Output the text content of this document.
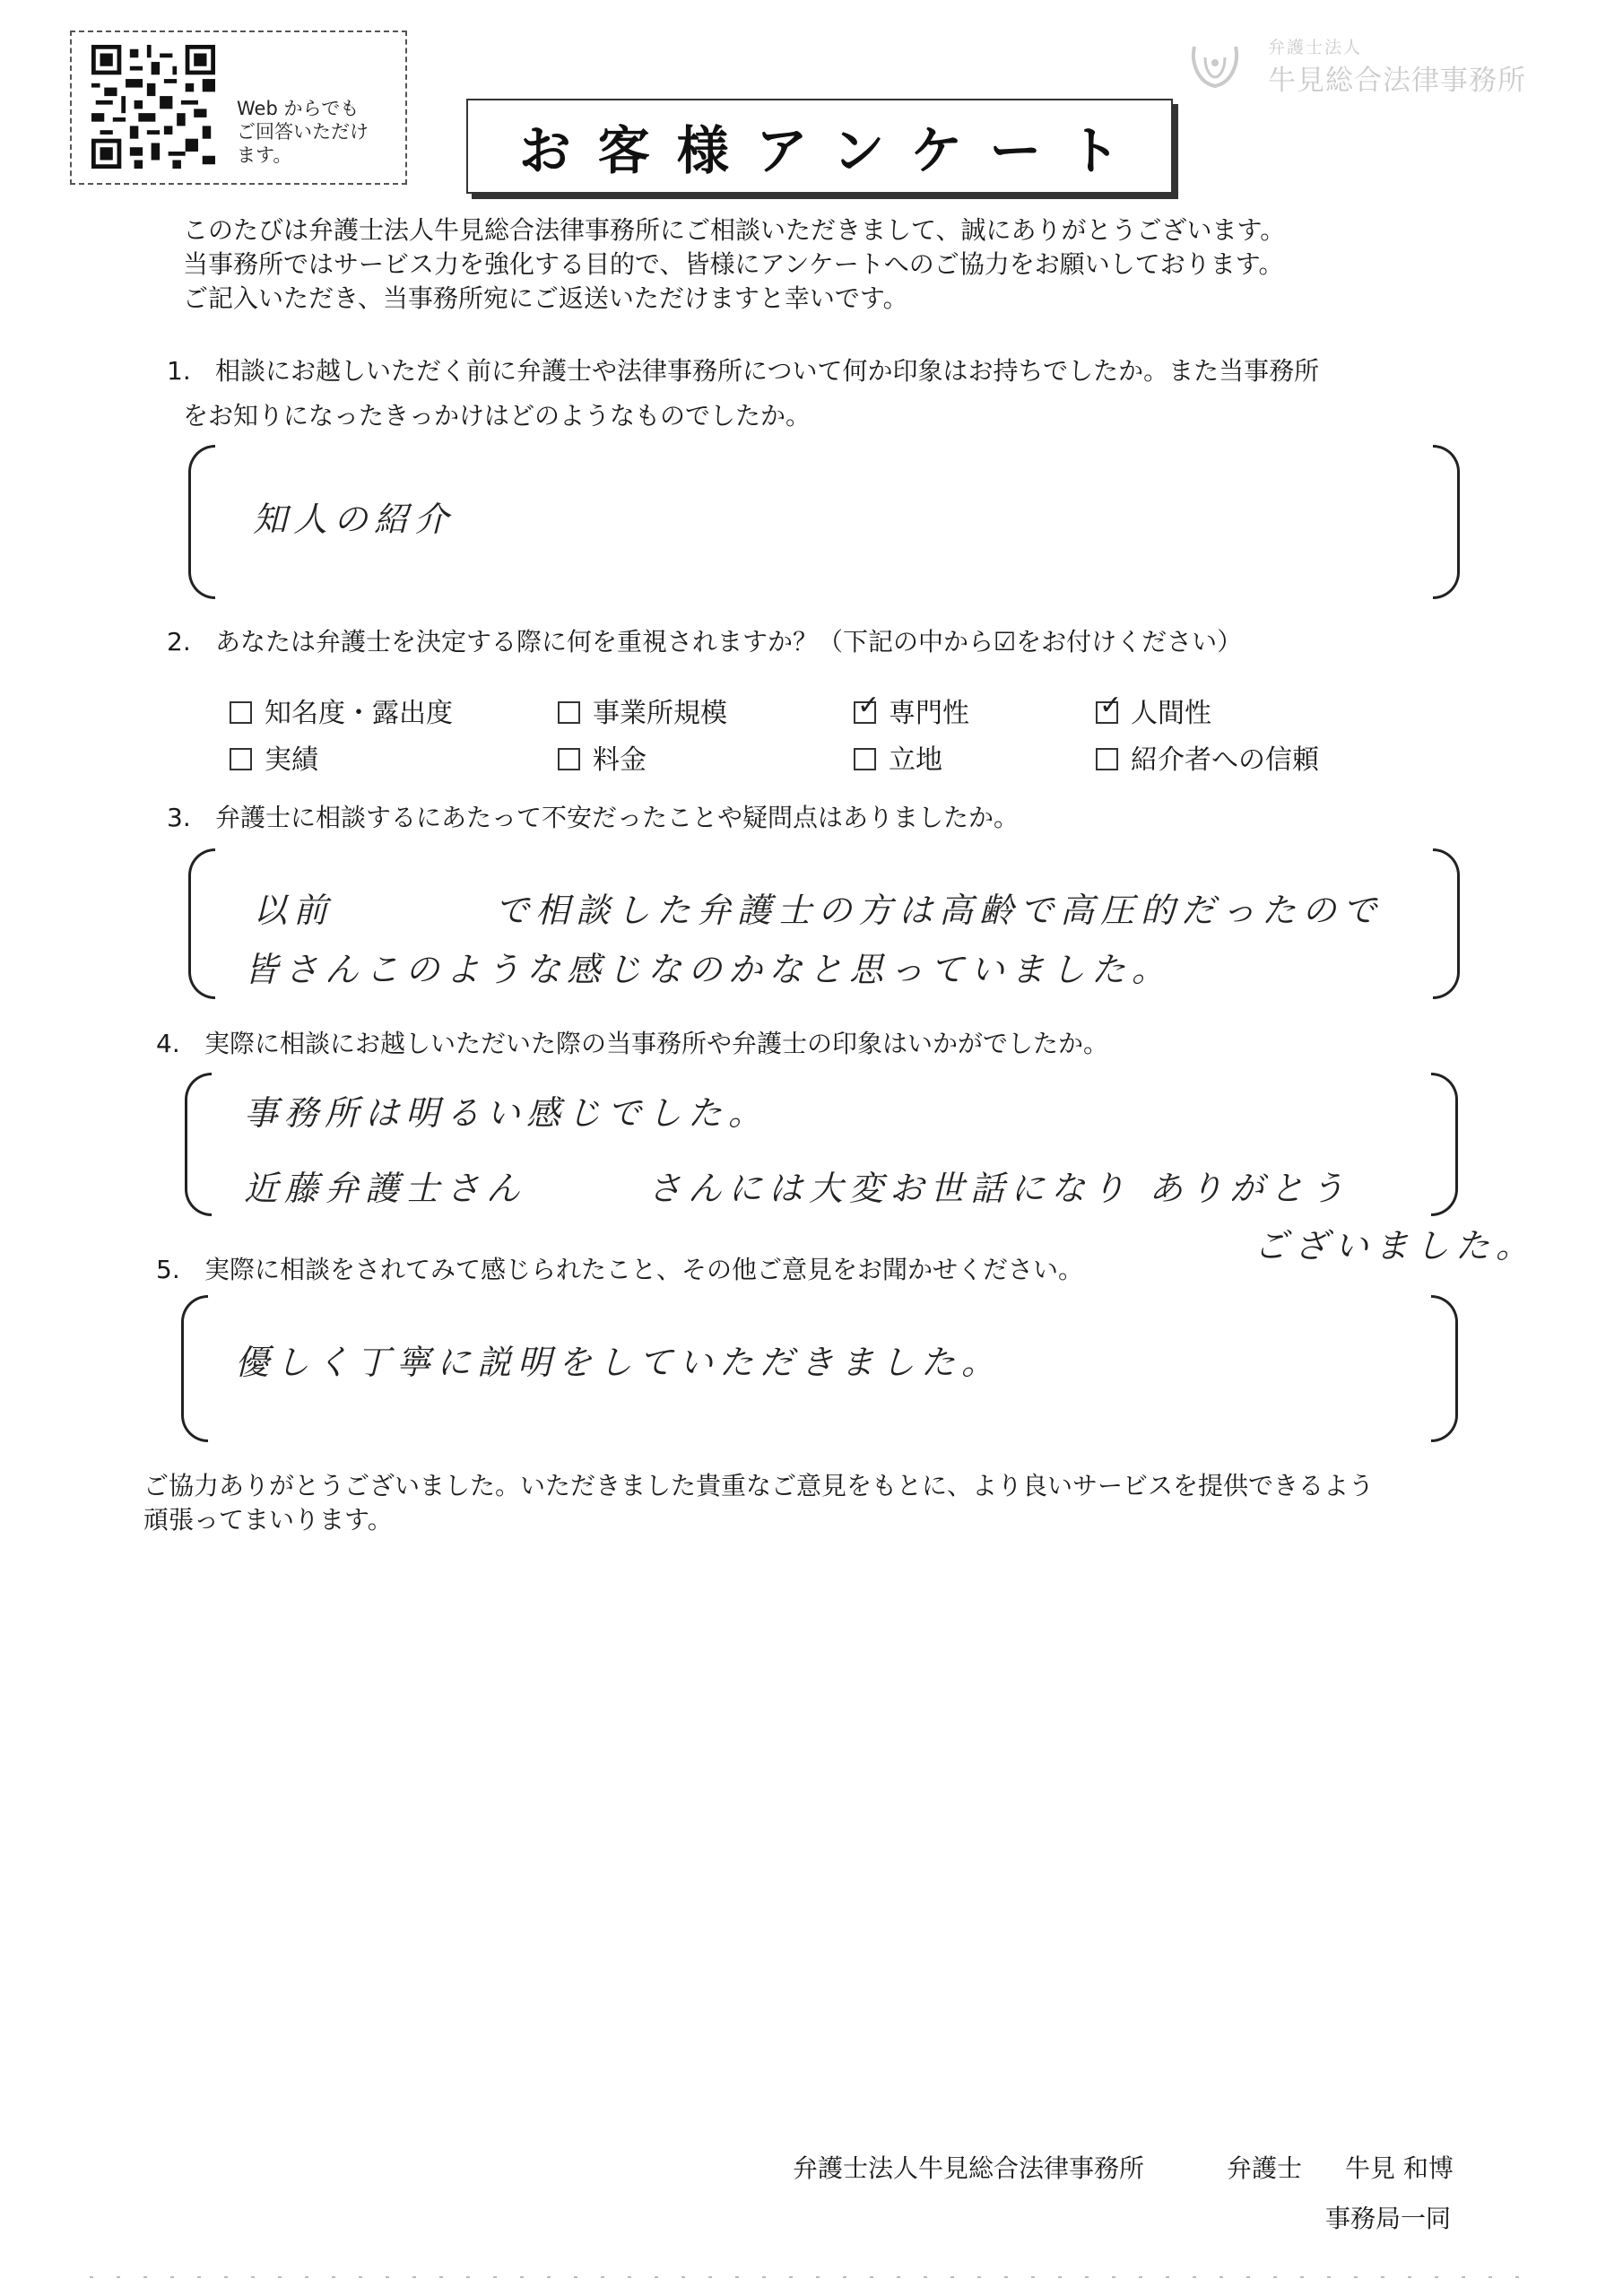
Web からでも
ご回答いただけ
ます。
弁護士法人
牛見総合法律事務所
お客様アンケート
このたびは弁護士法人牛見総合法律事務所にご相談いただきまして、誠にありがとうございます。
当事務所ではサービス力を強化する目的で、皆様にアンケートへのご協力をお願いしております。
ご記入いただき、当事務所宛にご返送いただけますと幸いです。
1. 相談にお越しいただく前に弁護士や法律事務所について何か印象はお持ちでしたか。また当事務所
をお知りになったきっかけはどのようなものでしたか。
知人の紹介
2. あなたは弁護士を決定する際に何を重視されますか？（下記の中から☑をお付けください）
知名度・露出度	事業所規模	✓ 専門性	✓ 人間性
実績	料金	立地	紹介者への信頼
3. 弁護士に相談するにあたって不安だったことや疑問点はありましたか。
以前　　　　で相談した弁護士の方は高齢で高圧的だったので
皆さんこのような感じなのかなと思っていました。
4. 実際に相談にお越しいただいた際の当事務所や弁護士の印象はいかがでしたか。
事務所は明るい感じでした。
近藤弁護士さん　　　さんには大変お世話になり ありがとう
ございました。
5. 実際に相談をされてみて感じられたこと、その他ご意見をお聞かせください。
優しく丁寧に説明をしていただきました。
ご協力ありがとうございました。いただきました貴重なご意見をもとに、より良いサービスを提供できるよう
頑張ってまいります。
弁護士法人牛見総合法律事務所	弁護士 牛見 和博
事務局一同
